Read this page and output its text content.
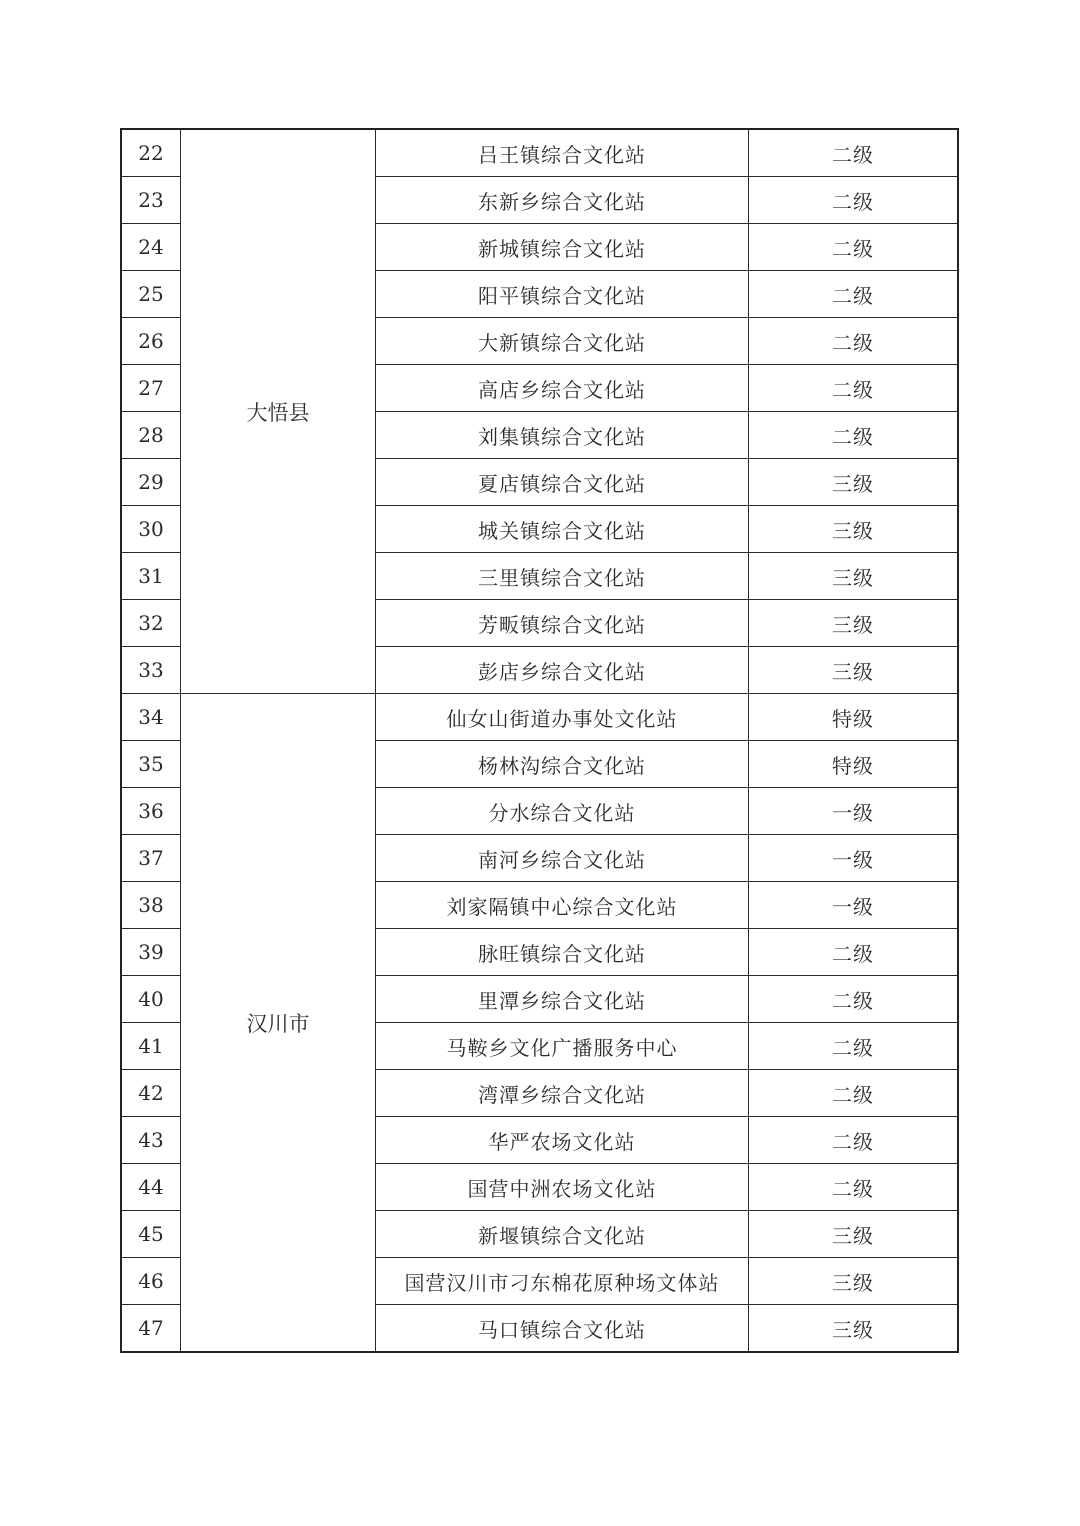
22	大悟县	吕王镇综合文化站	二级
23		东新乡综合文化站	二级
24		新城镇综合文化站	二级
25		阳平镇综合文化站	二级
26		大新镇综合文化站	二级
27		高店乡综合文化站	二级
28		刘集镇综合文化站	二级
29		夏店镇综合文化站	三级
30		城关镇综合文化站	三级
31		三里镇综合文化站	三级
32		芳畈镇综合文化站	三级
33		彭店乡综合文化站	三级
34	汉川市	仙女山街道办事处文化站	特级
35		杨林沟综合文化站	特级
36		分水综合文化站	一级
37		南河乡综合文化站	一级
38		刘家隔镇中心综合文化站	一级
39		脉旺镇综合文化站	二级
40		里潭乡综合文化站	二级
41		马鞍乡文化广播服务中心	二级
42		湾潭乡综合文化站	二级
43		华严农场文化站	二级
44		国营中洲农场文化站	二级
45		新堰镇综合文化站	三级
46		国营汉川市刁东棉花原种场文体站	三级
47		马口镇综合文化站	三级
